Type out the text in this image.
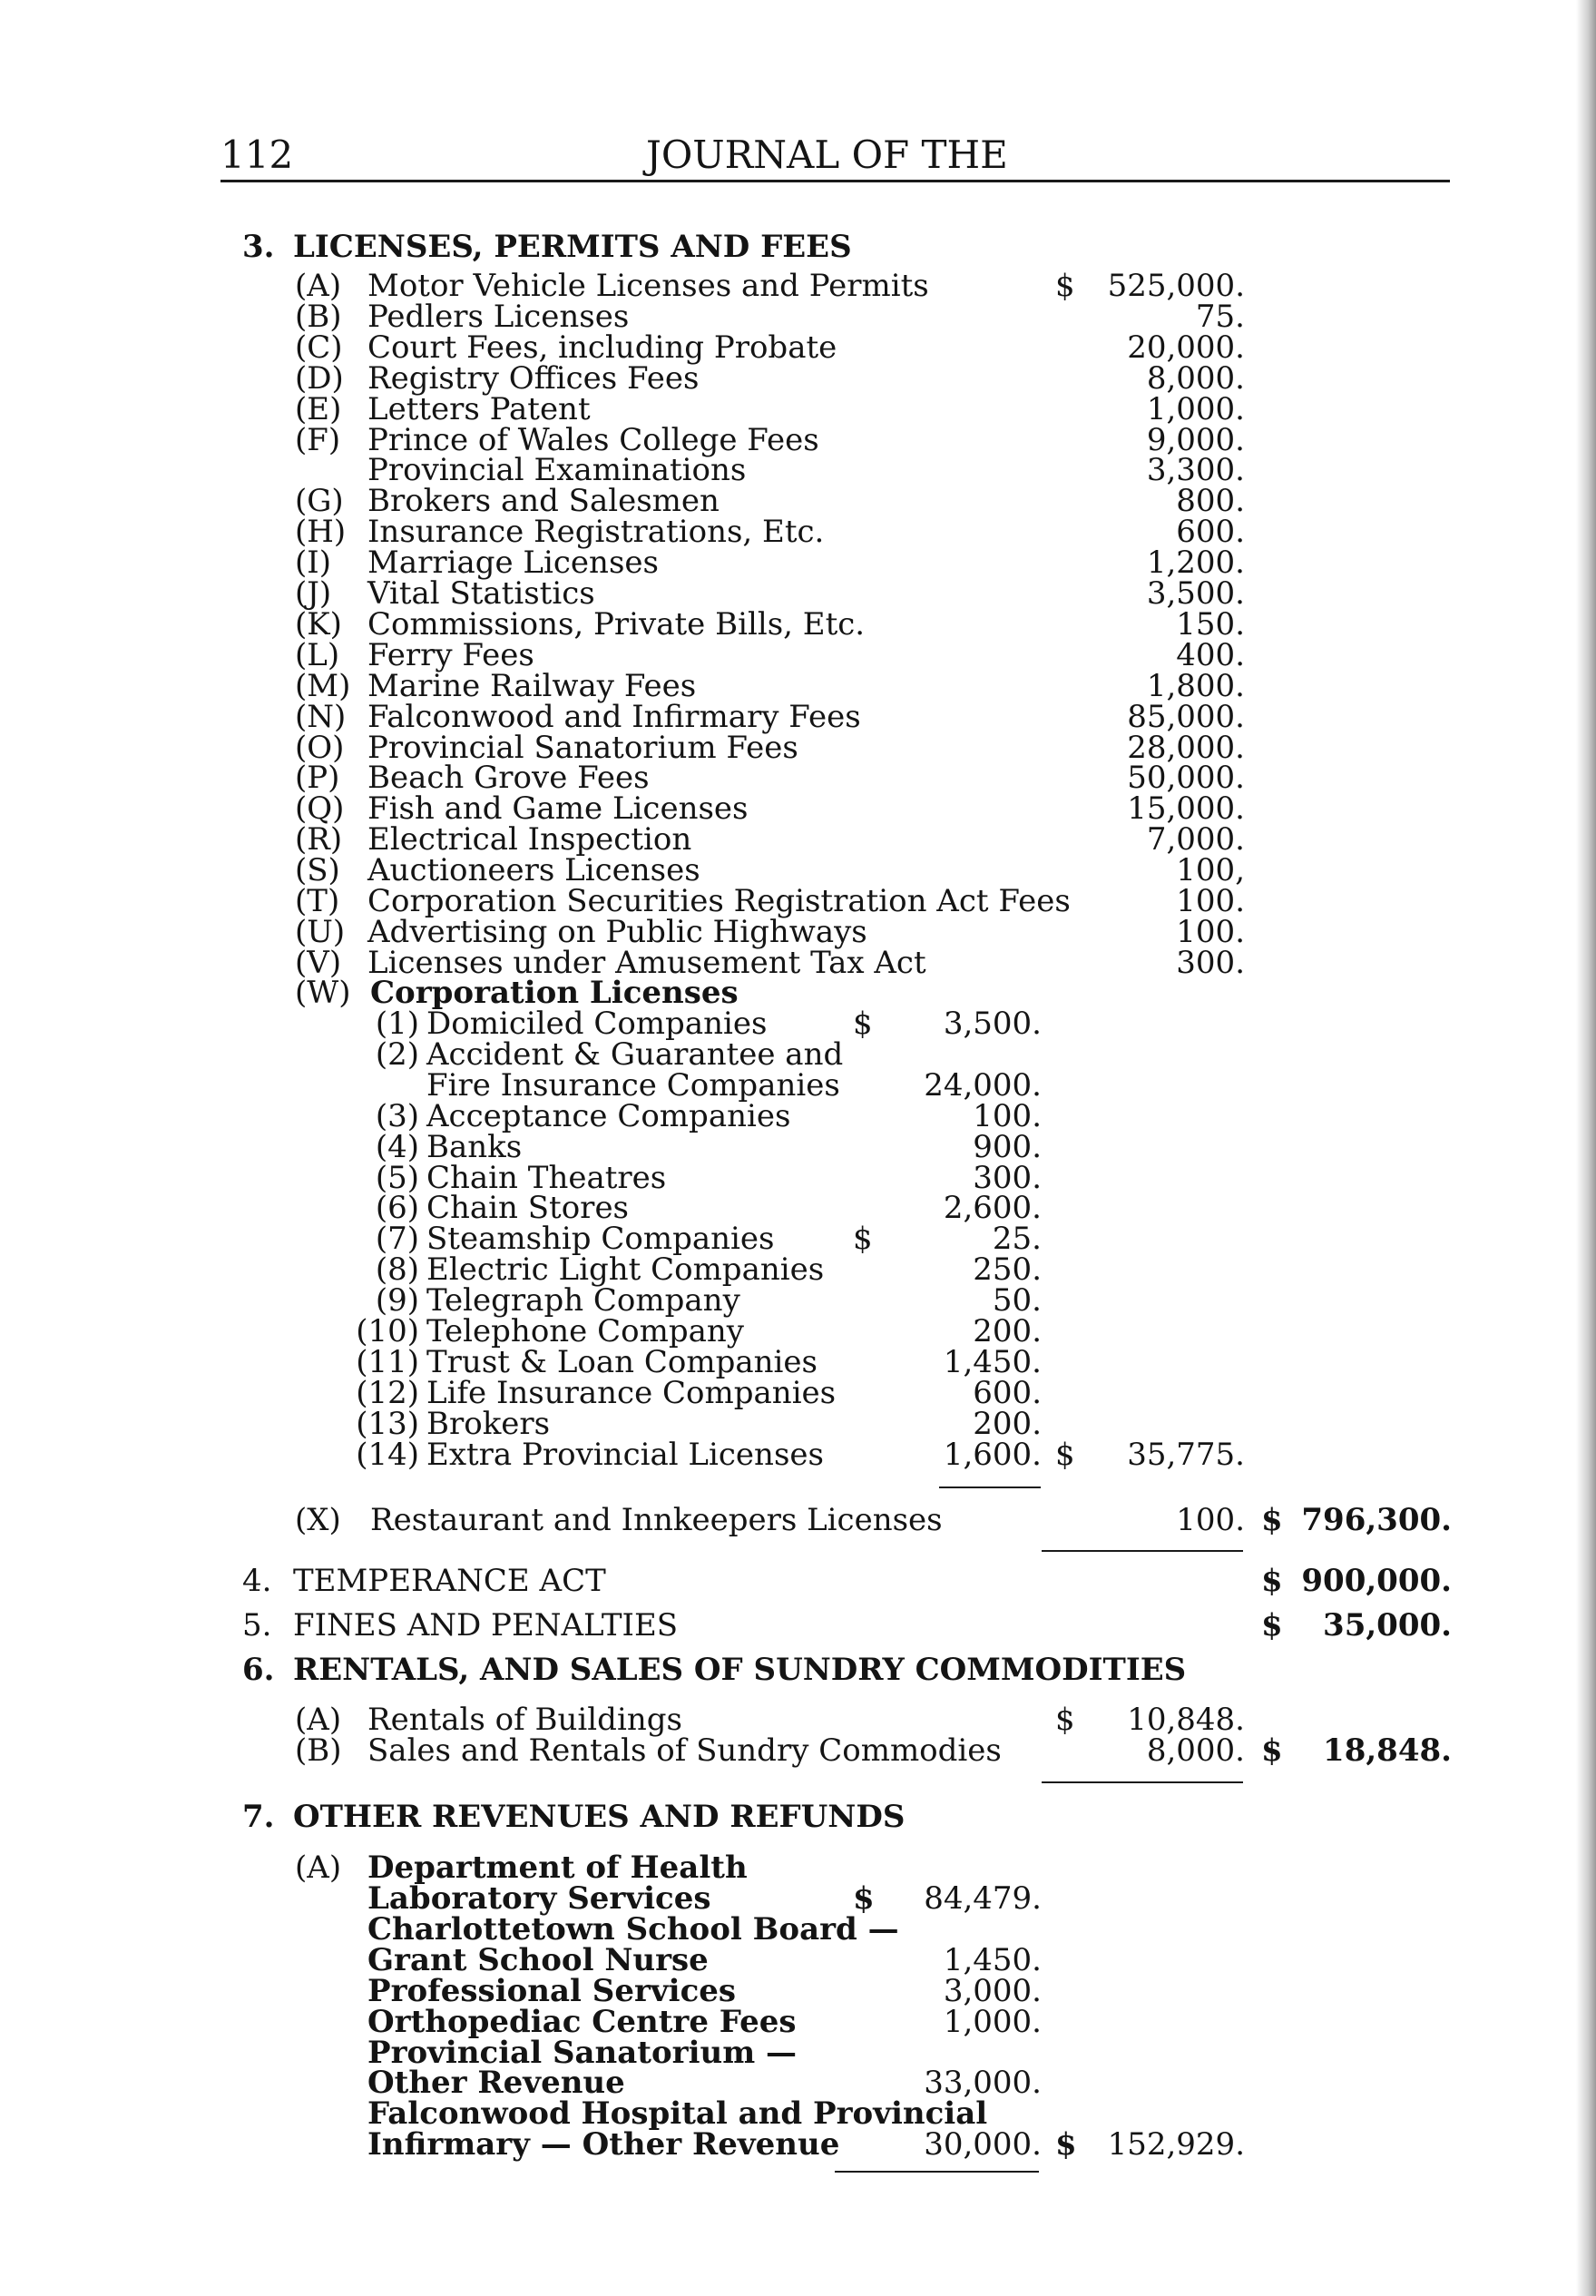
112	JOURNAL OF THE
3. LICENSES, PERMITS AND FEES
(A) Motor Vehicle Licenses and Permits	$	525,000.
(B) Pedlers Licenses	75.
(C) Court Fees, including Probate	20,000.
(D) Registry Offices Fees	8,000.
(E) Letters Patent	1,000.
(F) Prince of Wales College Fees	9,000.
Provincial Examinations	3,300.
(G) Brokers and Salesmen	800.
(H) Insurance Registrations, Etc.	600.
(I) Marriage Licenses	1,200.
(J) Vital Statistics	3,500.
(K) Commissions, Private Bills, Etc.	150.
(L) Ferry Fees	400.
(M) Marine Railway Fees	1,800.
(N) Falconwood and Infirmary Fees	85,000.
(O) Provincial Sanatorium Fees	28,000.
(P) Beach Grove Fees	50,000.
(Q) Fish and Game Licenses	15,000.
(R) Electrical Inspection	7,000.
(S) Auctioneers Licenses	100,
(T) Corporation Securities Registration Act Fees	100.
(U) Advertising on Public Highways	100.
(V) Licenses under Amusement Tax Act	300.
(W) Corporation Licenses
(1) Domiciled Companies	$	3,500.
(2) Accident & Guarantee and
Fire Insurance Companies	24,000.
(3) Acceptance Companies	100.
(4) Banks	900.
(5) Chain Theatres	300.
(6) Chain Stores	2,600.
(7) Steamship Companies	$	25.
(8) Electric Light Companies	250.
(9) Telegraph Company	50.
(10) Telephone Company	200.
(11) Trust & Loan Companies	1,450.
(12) Life Insurance Companies	600.
(13) Brokers	200.
(14) Extra Provincial Licenses	1,600. $	35,775.
(X) Restaurant and Innkeepers Licenses	100. $ 796,300.
4. TEMPERANCE ACT	$ 900,000.
5. FINES AND PENALTIES	$	35,000.
6. RENTALS, AND SALES OF SUNDRY COMMODITIES
(A) Rentals of Buildings	$	10,848.
(B) Sales and Rentals of Sundry Commodies	8,000. $	18,848.
7. OTHER REVENUES AND REFUNDS
(A) Department of Health
Laboratory Services	$	84,479.
Charlottetown School Board —
Grant School Nurse	1,450.
Professional Services	3,000.
Orthopediac Centre Fees	1,000.
Provincial Sanatorium —
Other Revenue	33,000.
Falconwood Hospital and Provincial
Infirmary — Other Revenue	30,000. $ 152,929.
